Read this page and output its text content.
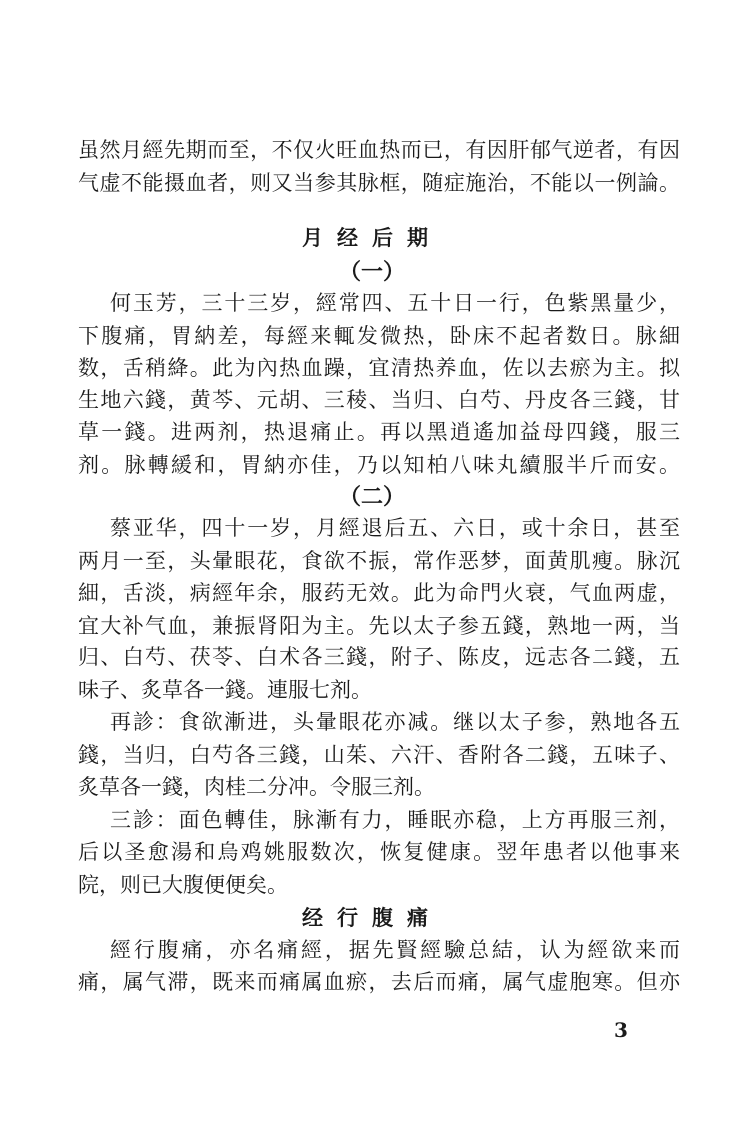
虽然月經先期而至，不仅火旺血热而已，有因肝郁气逆者，有因
气虚不能摄血者，则又当参其脉框，随症施治，不能以一例論。
月经后期
（一）
何玉芳，三十三岁，經常四、五十日一行，色紫黑量少，
下腹痛，胃納差，每經来輒发微热，卧床不起者数日。脉細
数，舌稍絳。此为內热血躁，宜清热养血，佐以去瘀为主。拟
生地六錢，黄芩、元胡、三稜、当归、白芍、丹皮各三錢，甘
草一錢。进两剂，热退痛止。再以黑逍遙加益母四錢，服三
剂。脉轉緩和，胃納亦佳，乃以知柏八味丸續服半斤而安。
（二）
蔡亚华，四十一岁，月經退后五、六日，或十余日，甚至
两月一至，头暈眼花，食欲不振，常作恶梦，面黄肌瘦。脉沉
細，舌淡，病經年余，服药无效。此为命門火衰，气血两虚，
宜大补气血，兼振肾阳为主。先以太子参五錢，熟地一两，当
归、白芍、茯苓、白术各三錢，附子、陈皮，远志各二錢，五
味子、炙草各一錢。連服七剂。
再診：食欲漸进，头暈眼花亦减。继以太子参，熟地各五
錢，当归，白芍各三錢，山茱、六汗、香附各二錢，五味子、
炙草各一錢，肉桂二分冲。令服三剂。
三診：面色轉佳，脉漸有力，睡眠亦稳，上方再服三剂，
后以圣愈湯和烏鸡姚服数次，恢复健康。翌年患者以他事来
院，则已大腹便便矣。
经行腹痛
經行腹痛，亦名痛經，据先賢經驗总結，认为經欲来而
痛，属气滞，既来而痛属血瘀，去后而痛，属气虚胞寒。但亦
3
